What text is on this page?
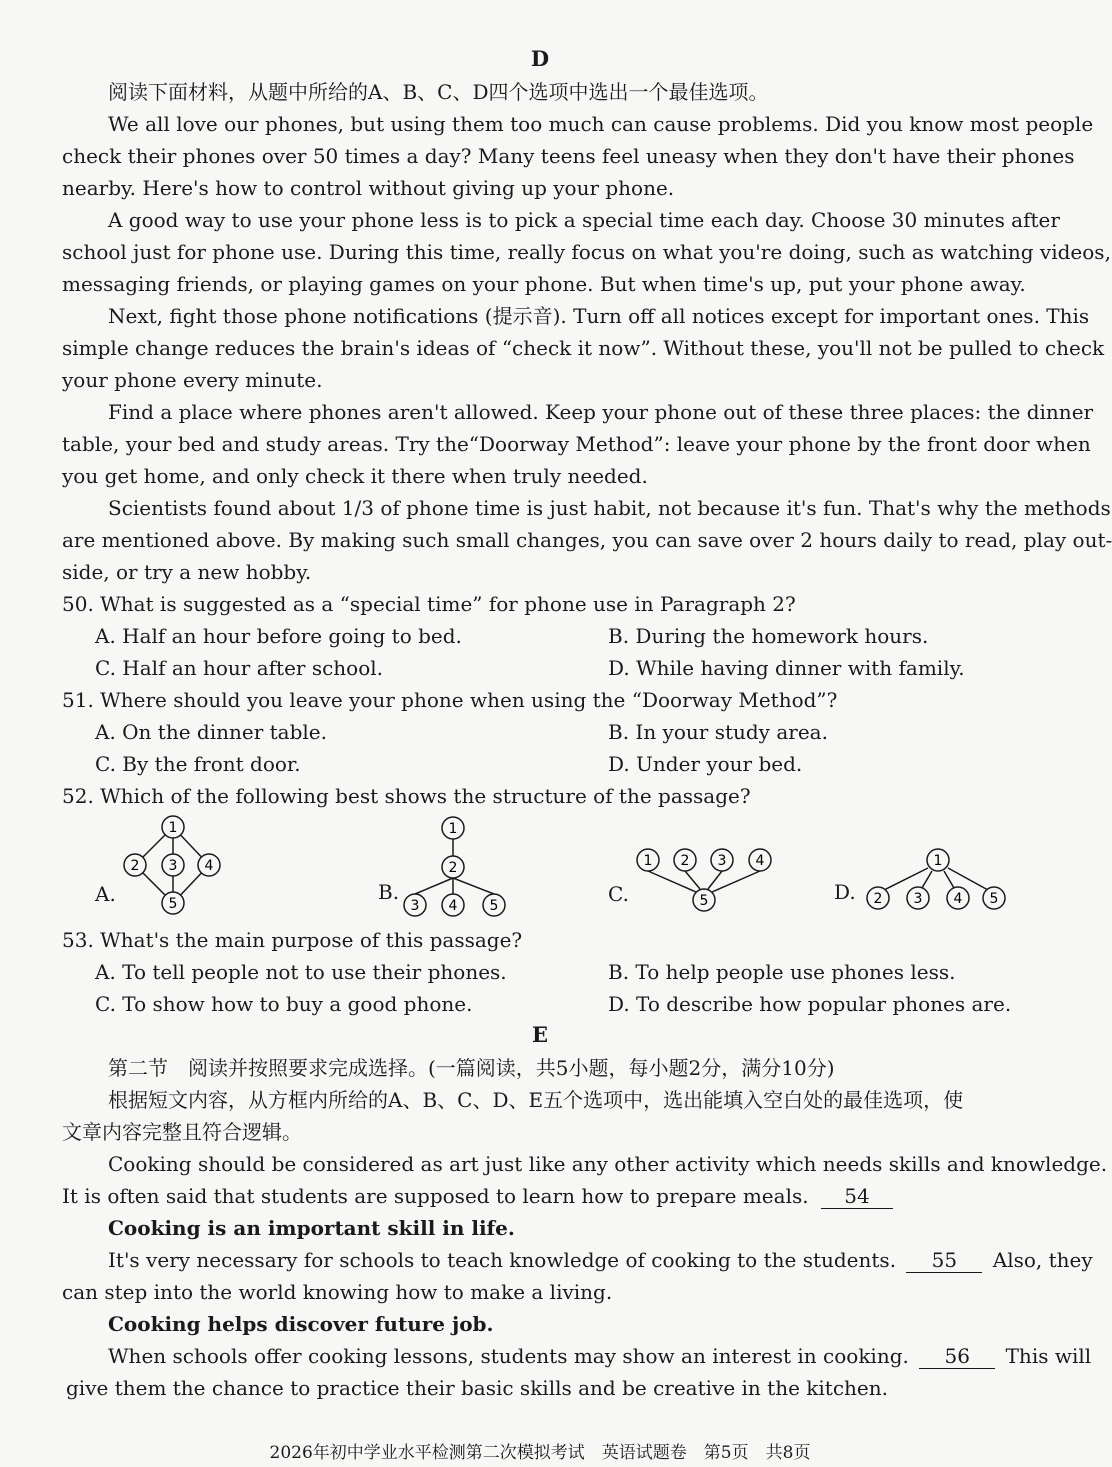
D
阅读下面材料，从题中所给的A、B、C、D四个选项中选出一个最佳选项。
We all love our phones, but using them too much can cause problems. Did you know most people
check their phones over 50 times a day? Many teens feel uneasy when they don't have their phones
nearby. Here's how to control without giving up your phone.
A good way to use your phone less is to pick a special time each day. Choose 30 minutes after
school just for phone use. During this time, really focus on what you're doing, such as watching videos,
messaging friends, or playing games on your phone. But when time's up, put your phone away.
Next, fight those phone notifications (提示音). Turn off all notices except for important ones. This
simple change reduces the brain's ideas of “check it now”. Without these, you'll not be pulled to check
your phone every minute.
Find a place where phones aren't allowed. Keep your phone out of these three places: the dinner
table, your bed and study areas. Try the“Doorway Method”: leave your phone by the front door when
you get home, and only check it there when truly needed.
Scientists found about 1/3 of phone time is just habit, not because it's fun. That's why the methods
are mentioned above. By making such small changes, you can save over 2 hours daily to read, play out-
side, or try a new hobby.
50. What is suggested as a “special time” for phone use in Paragraph 2?
A. Half an hour before going to bed.	B. During the homework hours.
C. Half an hour after school.	D. While having dinner with family.
51. Where should you leave your phone when using the “Doorway Method”?
A. On the dinner table.	B. In your study area.
C. By the front door.	D. Under your bed.
52. Which of the following best shows the structure of the passage?
A.
1
2 3 4
5	B.
1
2
3 4 5	C.
1 2 3 4
5	D.
1
2 3 4 5
53. What's the main purpose of this passage?
A. To tell people not to use their phones.	B. To help people use phones less.
C. To show how to buy a good phone.	D. To describe how popular phones are.
E
第二节　阅读并按照要求完成选择。(一篇阅读，共5小题，每小题2分，满分10分)
根据短文内容，从方框内所给的A、B、C、D、E五个选项中，选出能填入空白处的最佳选项，使
文章内容完整且符合逻辑。
Cooking should be considered as art just like any other activity which needs skills and knowledge.
It is often said that students are supposed to learn how to prepare meals. 54
Cooking is an important skill in life.
It's very necessary for schools to teach knowledge of cooking to the students. 55 Also, they
can step into the world knowing how to make a living.
Cooking helps discover future job.
When schools offer cooking lessons, students may show an interest in cooking. 56 This will
give them the chance to practice their basic skills and be creative in the kitchen.
2026年初中学业水平检测第二次模拟考试　英语试题卷　第5页　共8页
